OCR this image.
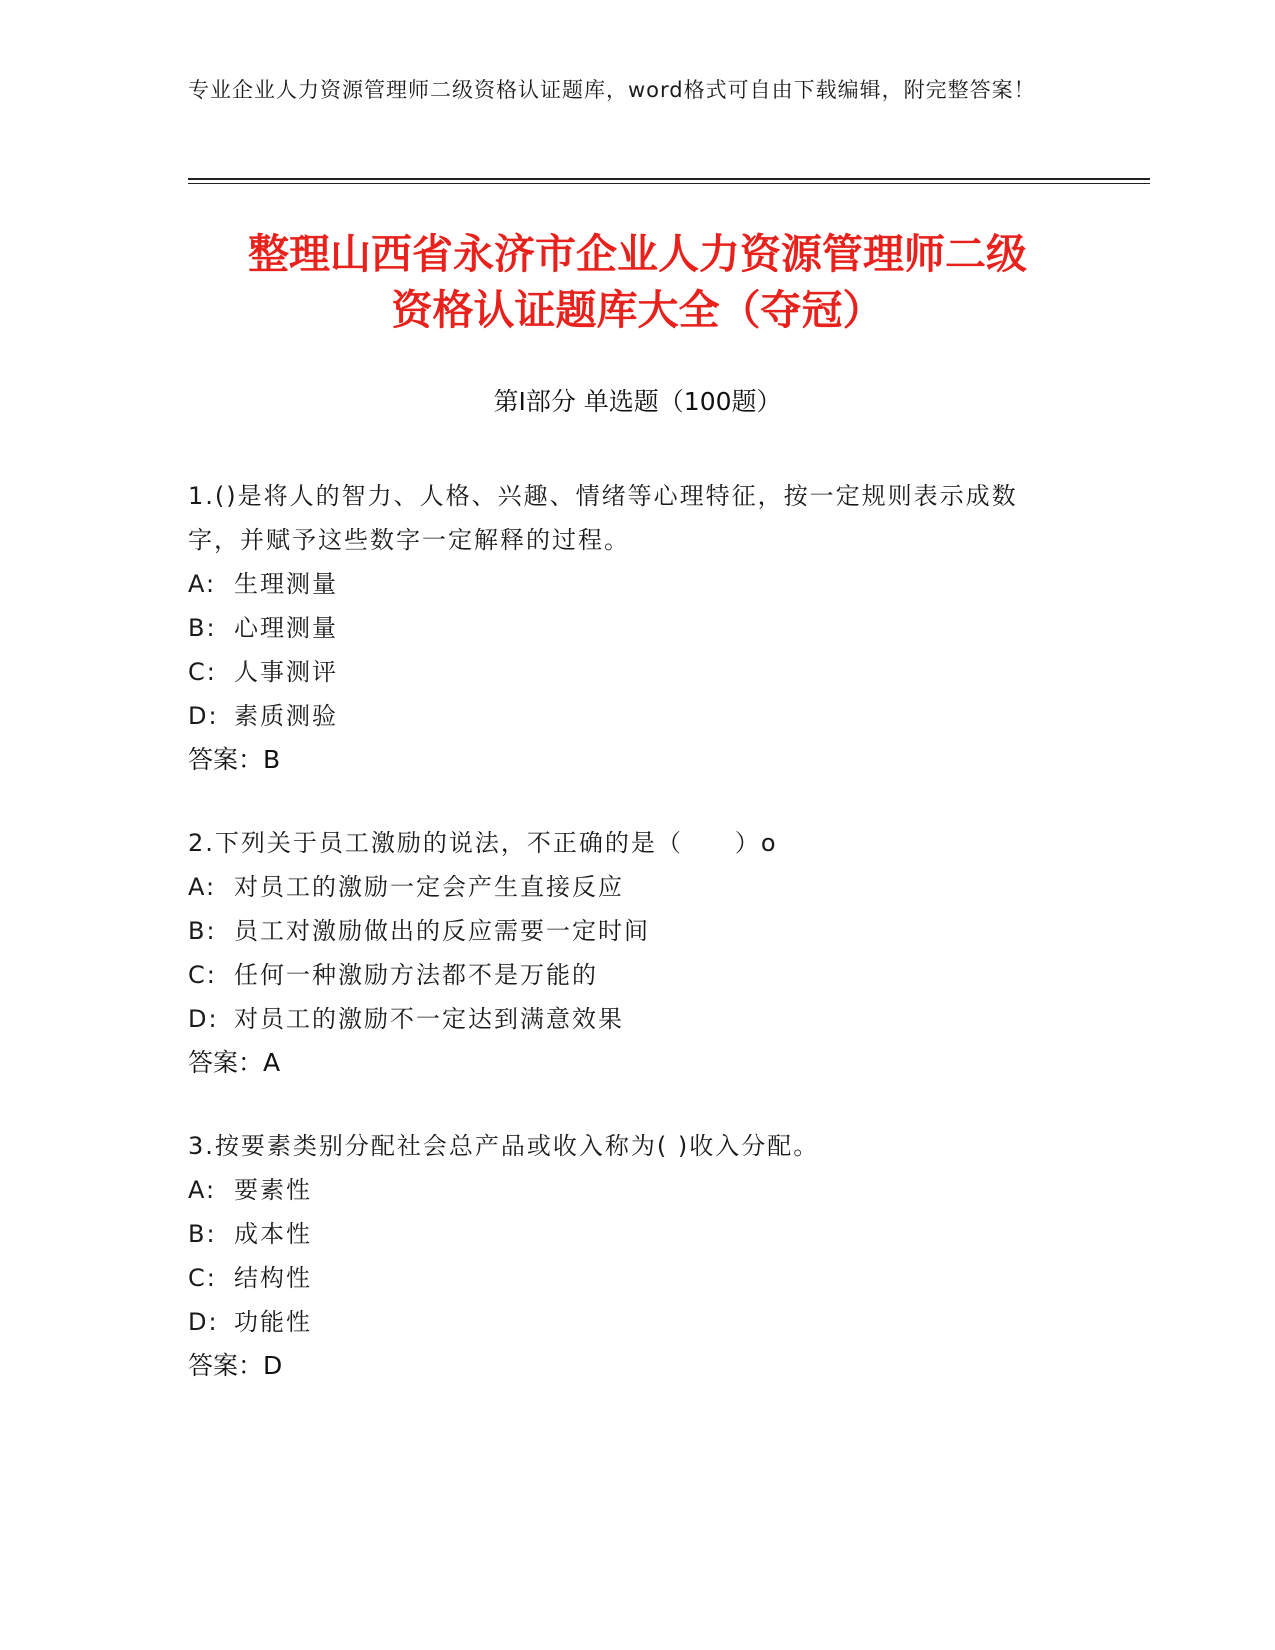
专业企业人力资源管理师二级资格认证题库，word格式可自由下载编辑，附完整答案！
整理山西省永济市企业人力资源管理师二级
资格认证题库大全（夺冠）
第Ⅰ部分 单选题（100题）

1.()是将人的智力、人格、兴趣、情绪等心理特征，按一定规则表示成数字，并赋予这些数字一定解释的过程。

A: 生理测量
B: 心理测量
C: 人事测评
D: 素质测验
答案：B

2.下列关于员工激励的说法，不正确的是（　　）o

A: 对员工的激励一定会产生直接反应
B: 员工对激励做出的反应需要一定时间
C: 任何一种激励方法都不是万能的
D: 对员工的激励不一定达到满意效果
答案：A

3.按要素类别分配社会总产品或收入称为( )收入分配。

A: 要素性
B: 成本性
C: 结构性
D: 功能性
答案：D
